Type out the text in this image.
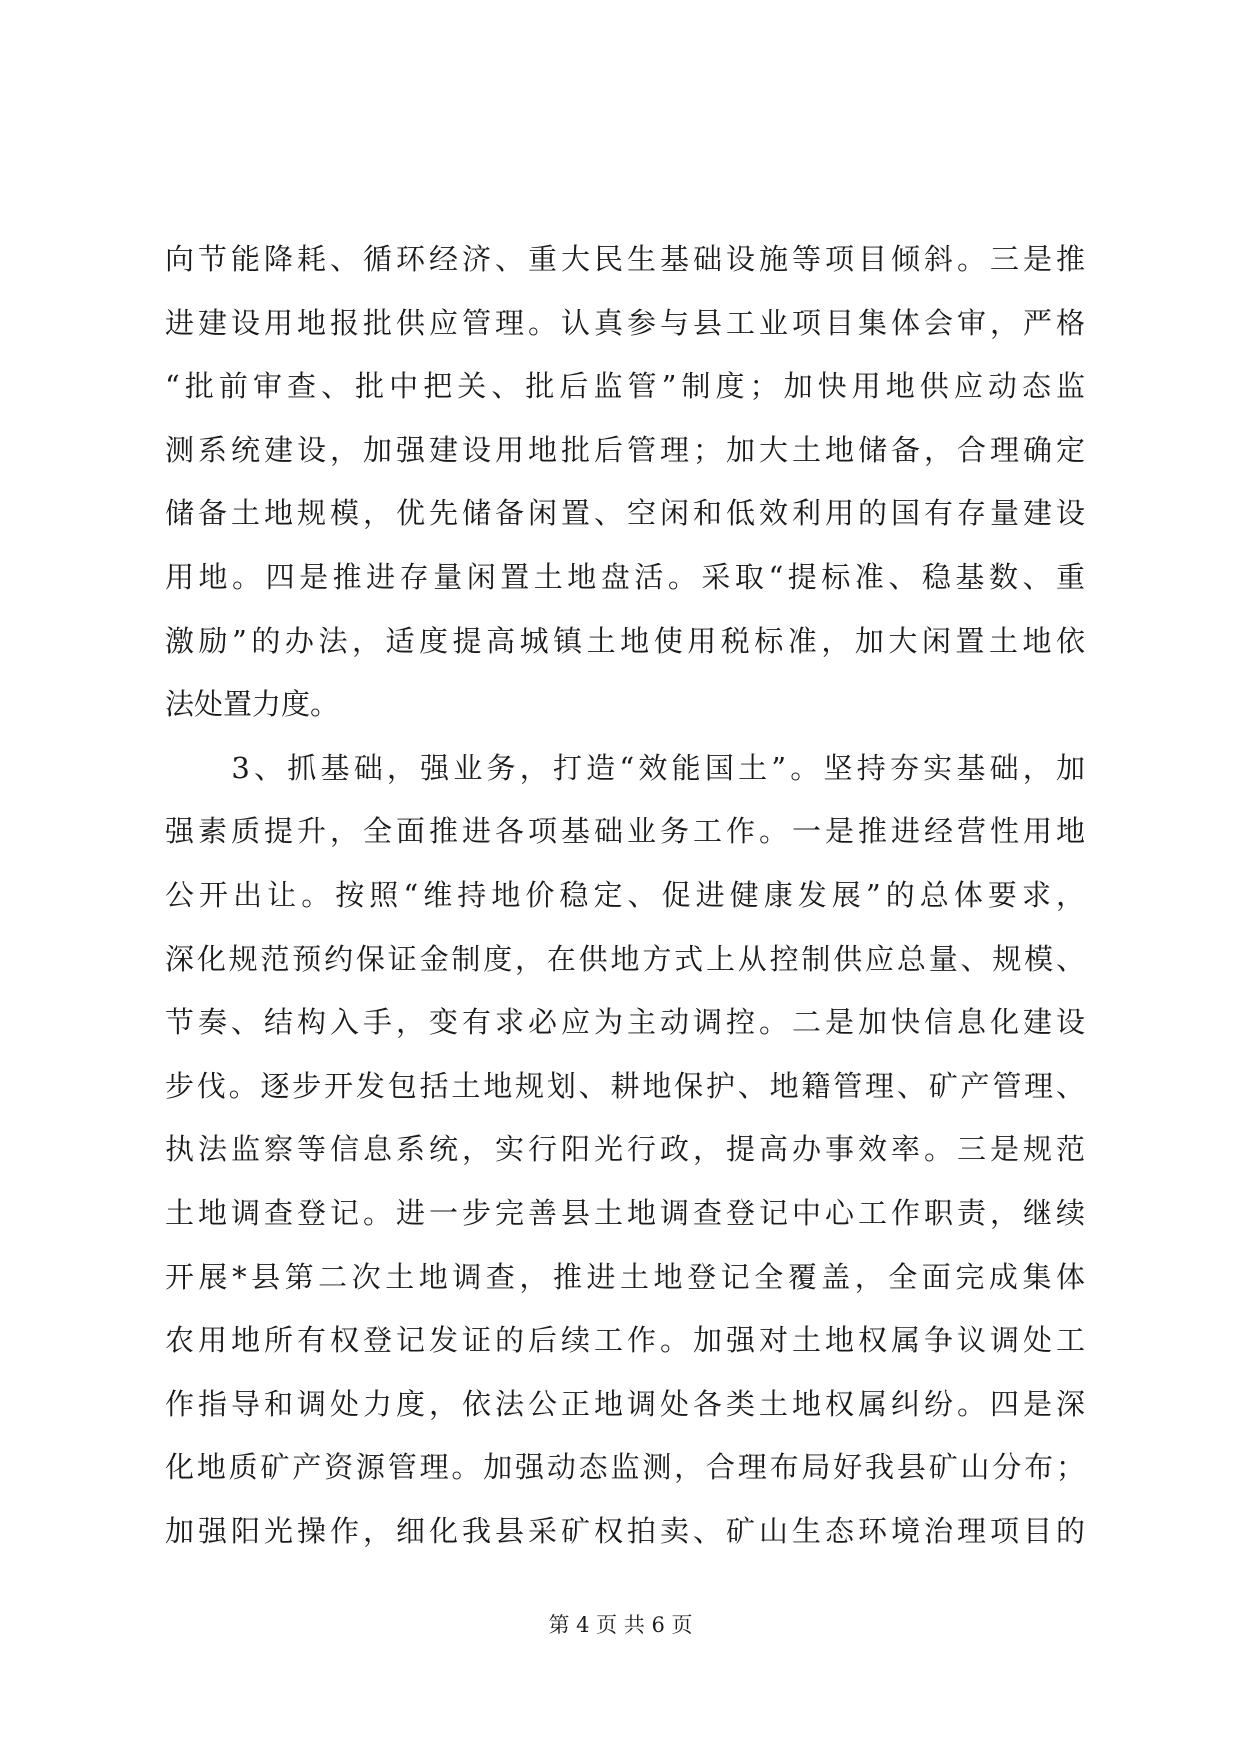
向节能降耗、循环经济、重大民生基础设施等项目倾斜。三是推
进建设用地报批供应管理。认真参与县工业项目集体会审，严格
“批前审查、批中把关、批后监管”制度；加快用地供应动态监
测系统建设，加强建设用地批后管理；加大土地储备，合理确定
储备土地规模，优先储备闲置、空闲和低效利用的国有存量建设
用地。四是推进存量闲置土地盘活。采取“提标准、稳基数、重
激励”的办法，适度提高城镇土地使用税标准，加大闲置土地依
法处置力度。
　　3、抓基础，强业务，打造“效能国土”。坚持夯实基础，加
强素质提升，全面推进各项基础业务工作。一是推进经营性用地
公开出让。按照“维持地价稳定、促进健康发展”的总体要求，
深化规范预约保证金制度，在供地方式上从控制供应总量、规模、
节奏、结构入手，变有求必应为主动调控。二是加快信息化建设
步伐。逐步开发包括土地规划、耕地保护、地籍管理、矿产管理、
执法监察等信息系统，实行阳光行政，提高办事效率。三是规范
土地调查登记。进一步完善县土地调查登记中心工作职责，继续
开展*县第二次土地调查，推进土地登记全覆盖，全面完成集体
农用地所有权登记发证的后续工作。加强对土地权属争议调处工
作指导和调处力度，依法公正地调处各类土地权属纠纷。四是深
化地质矿产资源管理。加强动态监测，合理布局好我县矿山分布；
加强阳光操作，细化我县采矿权拍卖、矿山生态环境治理项目的
第 4 页 共 6 页
